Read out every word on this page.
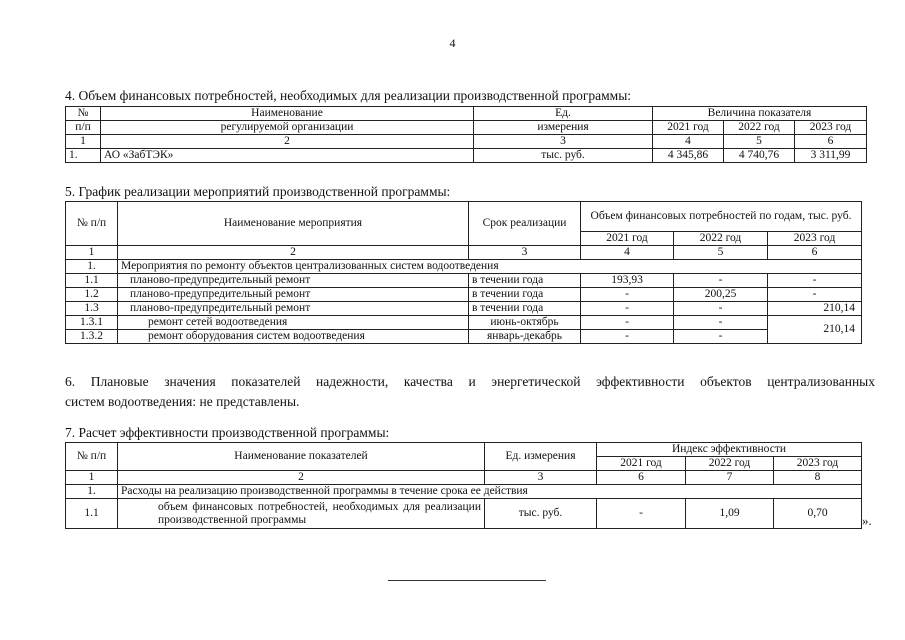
4
4. Объем финансовых потребностей, необходимых для реализации производственной программы:
№	Наименование	Ед.	Величина показателя		
п/п	регулируемой организации	измерения	2021 год	2022 год	2023 год
1	2	3	4	5	6
1.	АО «ЗабТЭК»	тыс. руб.	4 345,86	4 740,76	3 311,99
5. График реализации мероприятий производственной программы:
№ п/п	Наименование мероприятия	Срок реализации	Объем финансовых потребностей по годам, тыс. руб.		
			2021 год	2022 год	2023 год
1	2	3	4	5	6
1.	Мероприятия по ремонту объектов централизованных систем водоотведения				
1.1	планово-предупредительный ремонт	в течении года	193,93	-	-
1.2	планово-предупредительный ремонт	в течении года	-	200,25	-
1.3	планово-предупредительный ремонт	в течении года	-	-	210,14
1.3.1	ремонт сетей водоотведения	июнь-октябрь	-	-	210,14
1.3.2	ремонт оборудования систем водоотведения	январь-декабрь	-	-	
6. Плановые значения показателей надежности, качества и энергетической эффективности объектов централизованных
систем водоотведения: не представлены.
7. Расчет эффективности производственной программы:
№ п/п	Наименование показателей	Ед. измерения	Индекс эффективности		
			2021 год	2022 год	2023 год
1	2	3	6	7	8
1.	Расходы на реализацию производственной программы в течение срока ее действия				
1.1	объем финансовых потребностей, необходимых для реализации производственной программы	тыс. руб.	-	1,09	0,70	».
